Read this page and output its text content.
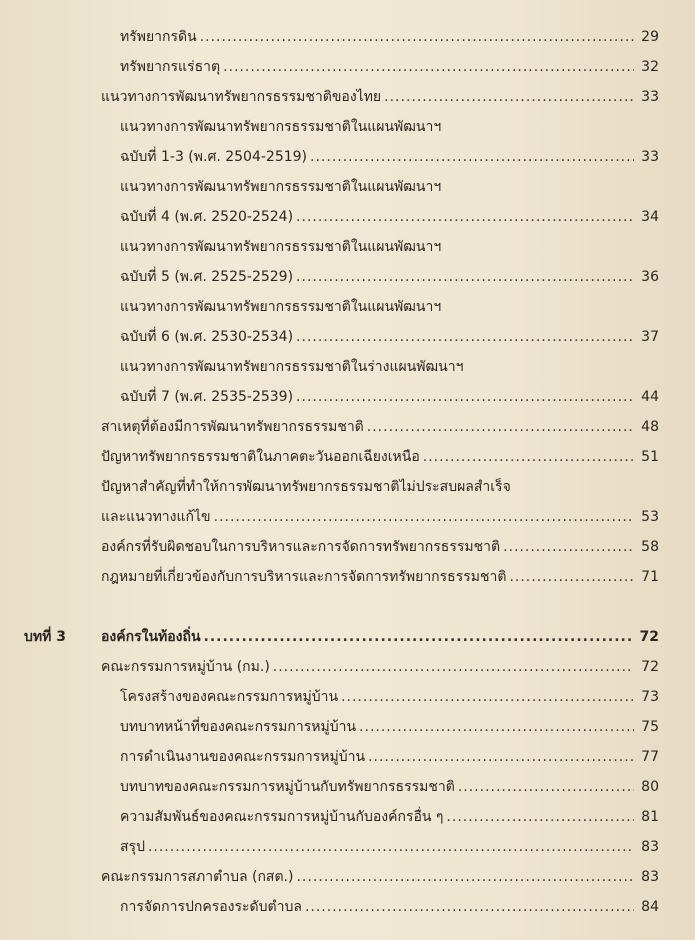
ทรัพยากรดิน .....	29
ทรัพยากรแร่ธาตุ .....	32
แนวทางการพัฒนาทรัพยากรธรรมชาติของไทย .....	33
แนวทางการพัฒนาทรัพยากรธรรมชาติในแผนพัฒนาฯ
ฉบับที่ 1-3 (พ.ศ. 2504-2519) .....	33
แนวทางการพัฒนาทรัพยากรธรรมชาติในแผนพัฒนาฯ
ฉบับที่ 4 (พ.ศ. 2520-2524) .....	34
แนวทางการพัฒนาทรัพยากรธรรมชาติในแผนพัฒนาฯ
ฉบับที่ 5 (พ.ศ. 2525-2529) .....	36
แนวทางการพัฒนาทรัพยากรธรรมชาติในแผนพัฒนาฯ
ฉบับที่ 6 (พ.ศ. 2530-2534) .....	37
แนวทางการพัฒนาทรัพยากรธรรมชาติในร่างแผนพัฒนาฯ
ฉบับที่ 7 (พ.ศ. 2535-2539) .....	44
สาเหตุที่ต้องมีการพัฒนาทรัพยากรธรรมชาติ .....	48
ปัญหาทรัพยากรธรรมชาติในภาคตะวันออกเฉียงเหนือ .....	51
ปัญหาสำคัญที่ทำให้การพัฒนาทรัพยากรธรรมชาติไม่ประสบผลสำเร็จ
และแนวทางแก้ไข .....	53
องค์กรที่รับผิดชอบในการบริหารและการจัดการทรัพยากรธรรมชาติ .....	58
กฎหมายที่เกี่ยวข้องกับการบริหารและการจัดการทรัพยากรธรรมชาติ .....	71
บทที่ 3	องค์กรในท้องถิ่น .....	72
คณะกรรมการหมู่บ้าน (กม.) .....	72
โครงสร้างของคณะกรรมการหมู่บ้าน .....	73
บทบาทหน้าที่ของคณะกรรมการหมู่บ้าน .....	75
การดำเนินงานของคณะกรรมการหมู่บ้าน .....	77
บทบาทของคณะกรรมการหมู่บ้านกับทรัพยากรธรรมชาติ .....	80
ความสัมพันธ์ของคณะกรรมการหมู่บ้านกับองค์กรอื่น ๆ .....	81
สรุป .....	83
คณะกรรมการสภาตำบล (กสต.) .....	83
การจัดการปกครองระดับตำบล .....	84
